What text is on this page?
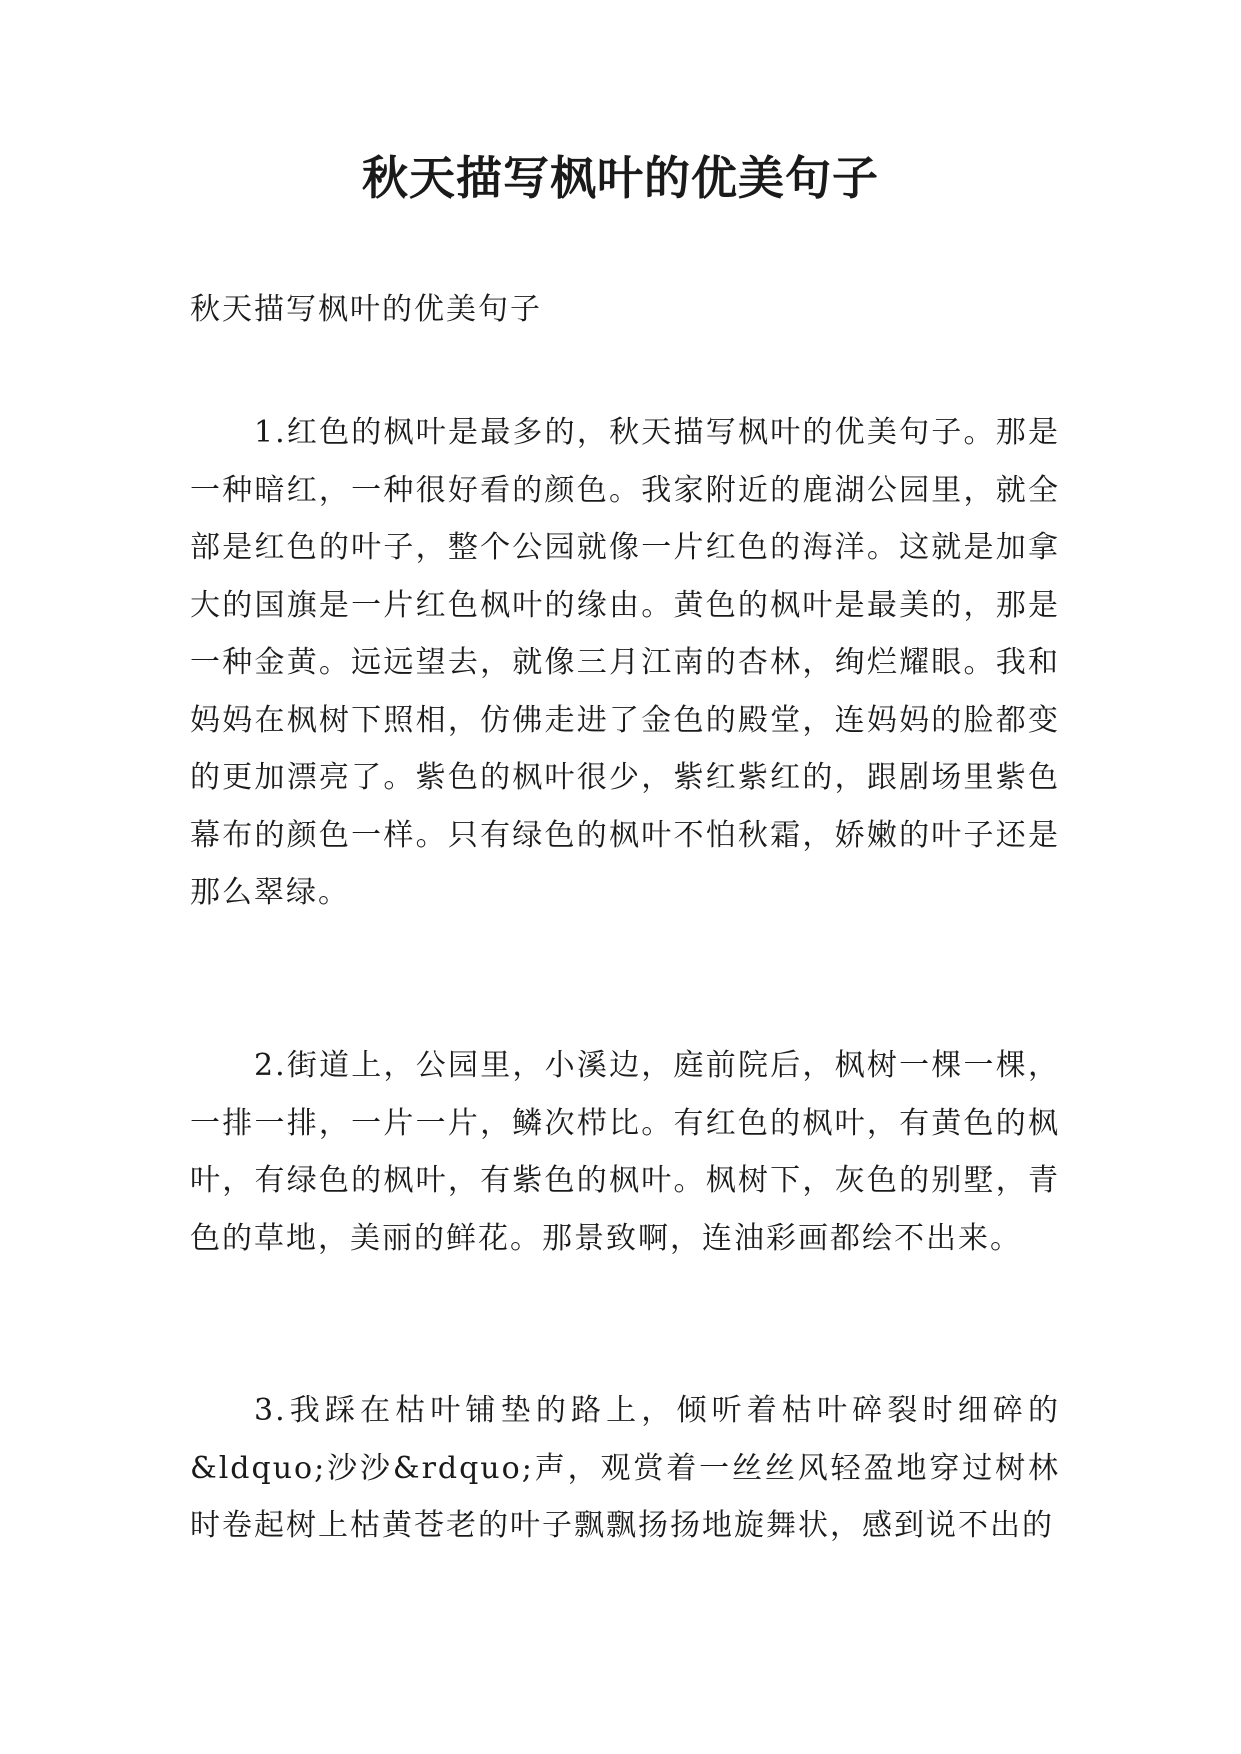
秋天描写枫叶的优美句子

秋天描写枫叶的优美句子

1.红色的枫叶是最多的，秋天描写枫叶的优美句子。那是一种暗红，一种很好看的颜色。我家附近的鹿湖公园里，就全部是红色的叶子，整个公园就像一片红色的海洋。这就是加拿大的国旗是一片红色枫叶的缘由。黄色的枫叶是最美的，那是一种金黄。远远望去，就像三月江南的杏林，绚烂耀眼。我和妈妈在枫树下照相，仿佛走进了金色的殿堂，连妈妈的脸都变的更加漂亮了。紫色的枫叶很少，紫红紫红的，跟剧场里紫色幕布的颜色一样。只有绿色的枫叶不怕秋霜，娇嫩的叶子还是那么翠绿。

2.街道上，公园里，小溪边，庭前院后，枫树一棵一棵，一排一排，一片一片，鳞次栉比。有红色的枫叶，有黄色的枫叶，有绿色的枫叶，有紫色的枫叶。枫树下，灰色的别墅，青色的草地，美丽的鲜花。那景致啊，连油彩画都绘不出来。

3.我踩在枯叶铺垫的路上，倾听着枯叶碎裂时细碎的&ldquo;沙沙&rdquo;声，观赏着一丝丝风轻盈地穿过树林时卷起树上枯黄苍老的叶子飘飘扬扬地旋舞状，感到说不出的
